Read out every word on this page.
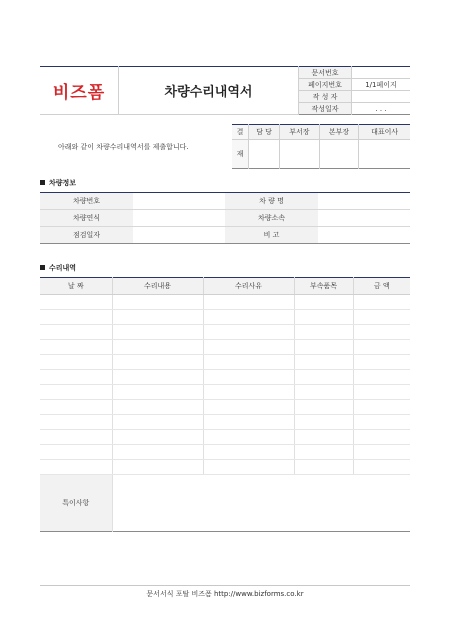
비즈폼	차량수리내역서	문서번호	
		페이지번호	1/1페이지
		작 성 자	
		작성일자	. . .
아래와 같이 차량수리내역서를 제출합니다.
결	담 당	부서장	본부장	대표이사
재				
차량정보
차량번호		차 량 명	
차량연식		차량소속	
점검일자		비 고	
수리내역
날 짜	수리내용	수리사유	부속품목	금 액

특이사항				
문서서식 포탈 비즈폼 http://www.bizforms.co.kr
